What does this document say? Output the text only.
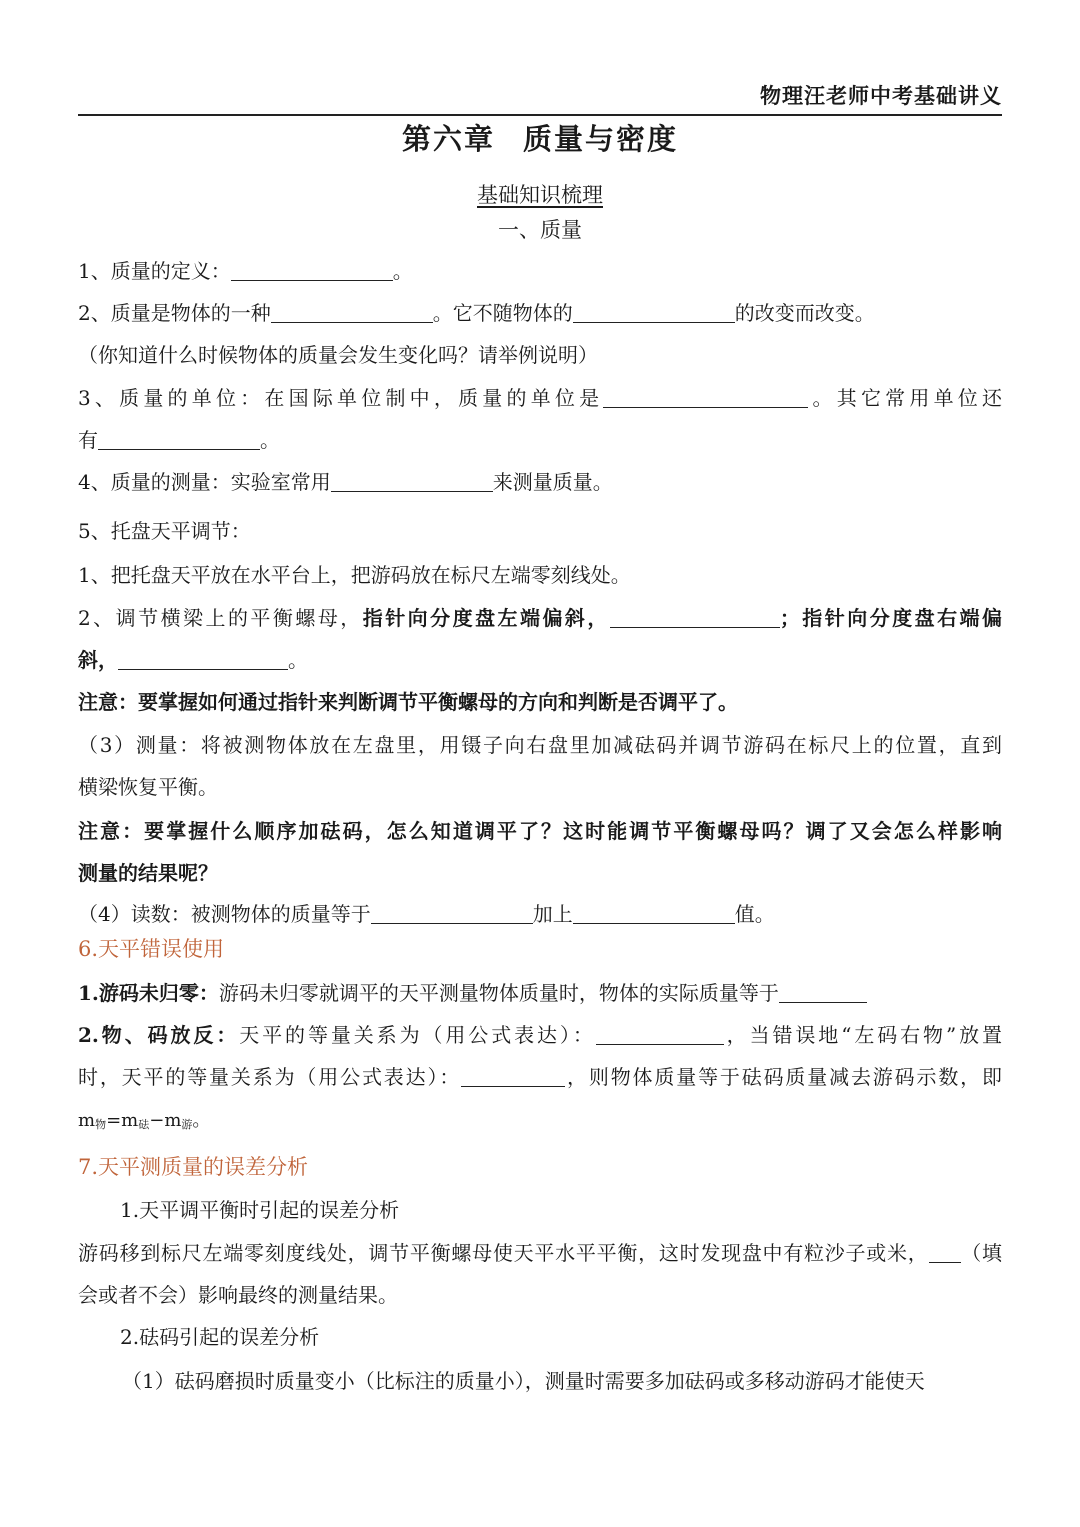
物理汪老师中考基础讲义
第六章 质量与密度
基础知识梳理
一、质量
1、质量的定义：	。
2、质量是物体的一种	。它不随物体的	的改变而改变。
（你知道什么时候物体的质量会发生变化吗？请举例说明）
3、质量的单位：在国际单位制中，质量的单位是	。其它常用单位还
有	。
4、质量的测量：实验室常用	来测量质量。
5、托盘天平调节：
1、把托盘天平放在水平台上，把游码放在标尺左端零刻线处。
2、调节横梁上的平衡螺母，指针向分度盘左端偏斜，	；指针向分度盘右端偏
斜，	。
注意：要掌握如何通过指针来判断调节平衡螺母的方向和判断是否调平了。
（3）测量：将被测物体放在左盘里，用镊子向右盘里加减砝码并调节游码在标尺上的位置，直到
横梁恢复平衡。
注意：要掌握什么顺序加砝码，怎么知道调平了？这时能调节平衡螺母吗？调了又会怎么样影响
测量的结果呢？
（4）读数：被测物体的质量等于	加上	值。
6.天平错误使用
1.游码未归零：游码未归零就调平的天平测量物体质量时，物体的实际质量等于
2.物、码放反：天平的等量关系为（用公式表达）：	，当错误地“左码右物”放置
时，天平的等量关系为（用公式表达）：	，则物体质量等于砝码质量减去游码示数，即
m物=m砝−m游。
7.天平测质量的误差分析
1.天平调平衡时引起的误差分析
游码移到标尺左端零刻度线处，调节平衡螺母使天平水平平衡，这时发现盘中有粒沙子或米， （填
会或者不会）影响最终的测量结果。
2.砝码引起的误差分析
（1）砝码磨损时质量变小（比标注的质量小），测量时需要多加砝码或多移动游码才能使天
